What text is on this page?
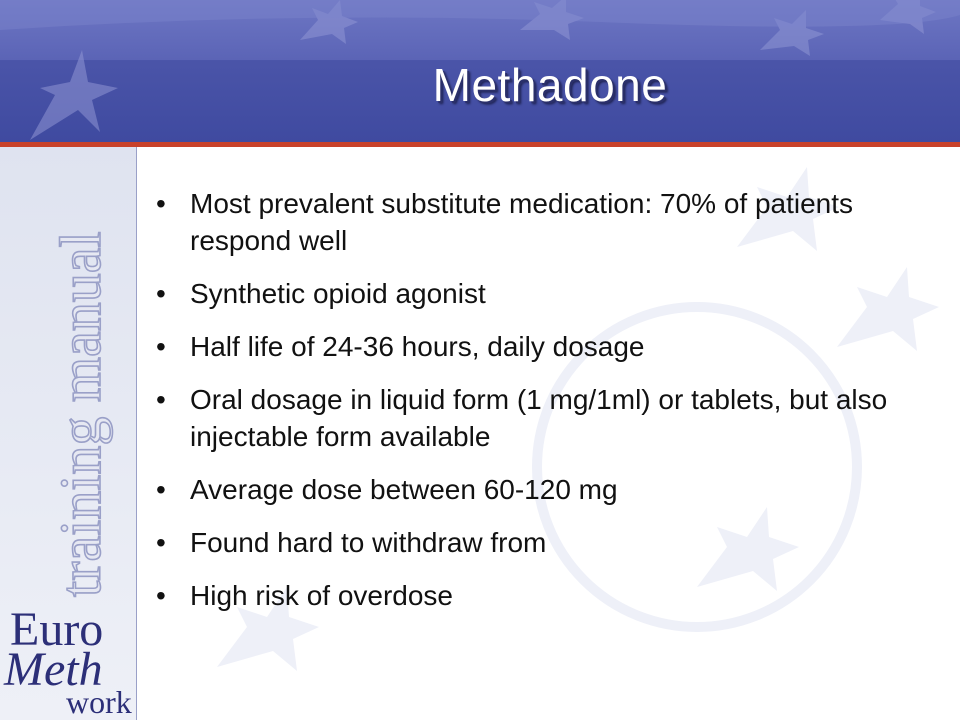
Methadone
training manual

Euro

Meth

work

• Most prevalent substitute medication: 70% of patients respond well
• Synthetic opioid agonist
• Half life of 24-36 hours, daily dosage
• Oral dosage in liquid form (1 mg/1ml) or tablets, but also injectable form available
• Average dose between 60-120 mg
• Found hard to withdraw from
• High risk of overdose
